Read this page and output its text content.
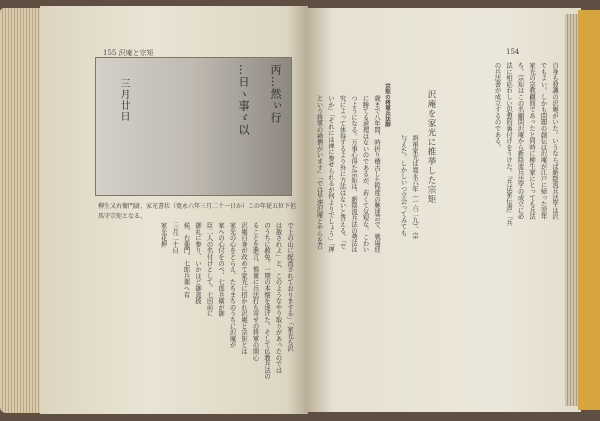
155 沢庵と宗矩
丙…然ぃ行
…日ヽ事ゞ以
三月廿日
柳生又右衛門尉、家光書状（寛永六年三月二十一日か）この年従五位下但馬守宗矩となる。
で上の山に配流されておりまする」「家光も沢
は赦されよ」と、このようなやり取りがあったのでは
のうちに赦免。一期の本懐を遂げた。そして仏教兵法の
ることを進言、慎重に兵法打ち寄せの将軍の関心
沢庵自身が改めて家光に招かれ沢庵と宗矩とは
家光の心をとらえ、たちまちのうちに沢庵が
家への心付をのべ、七郎兵衛が御
臣二人の名付けとして、七田前に
御礼に参り、いかほど御直披
候、右衛門、七郎兵衛へ有
三月二十日
家光花押
154
自身も發識の沢庵がいた。いうならば新陰流兵法学は沢
でもよい。しかも問題の創伝は沢庵が江戸に帰った翌年
家光の宗教顧問であったと同時に柳生家にとっても兵法
ち。宗矩はこの名顧問沢庵から新陰流兵法学の成立に必
法に相応わしい思想的裏付けをうけた。『兵法家伝書』『兵
の兵法書が成立するのである。
沢庵を家光に推挙した宗矩
将軍家光は寛永六年（一六二九）、宗
与えた。しかしいつ立会ってみても
宗矩の将軍兵法師
歳まで八年間、時折り稽古した程度の腕達芸で、戦場経
に勝てる道理はないのであるが、若くて気短な、こわい
つようになる。万事心得た宗矩は、新陰流兵法の勢法は
究によって体得するより外に方法はないと答える。「で
いか」「それには禅に参ぜられるが何よりでしょう」「禅
という将軍の禅僧がいます」「では早速沢庵とやらを召
